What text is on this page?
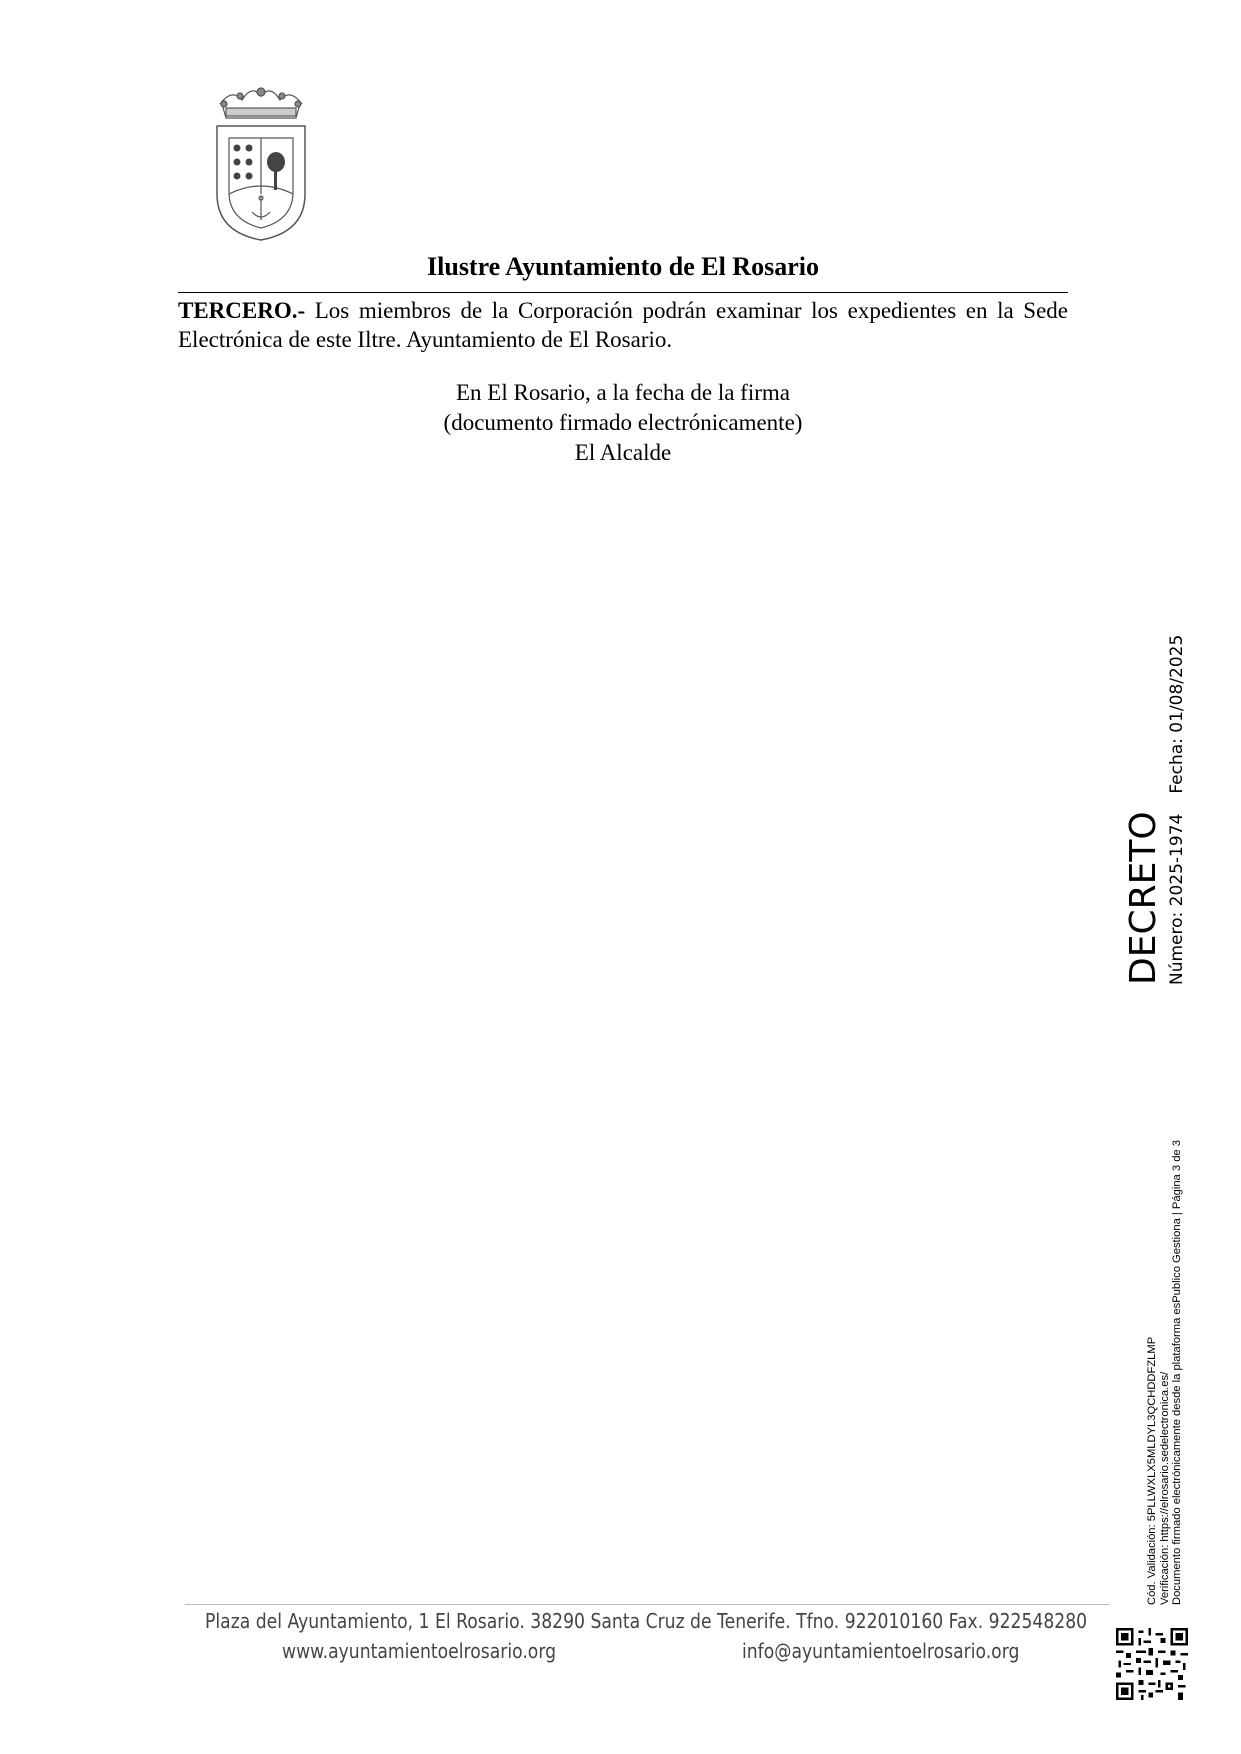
Ilustre Ayuntamiento de El Rosario
TERCERO.- Los miembros de la Corporación podrán examinar los expedientes en la Sede Electrónica de este Iltre. Ayuntamiento de El Rosario.
En El Rosario, a la fecha de la firma
(documento firmado electrónicamente)
El Alcalde
DECRETO Número: 2025-1974Fecha: 01/08/2025
Cód. Validación: 5PLLWXLX5MLDYL3QCHDDFZLMP Verificación: https://elrosario.sedelectronica.es/ Documento firmado electrónicamente desde la plataforma esPublico Gestiona | Página 3 de 3
Plaza del Ayuntamiento, 1 El Rosario. 38290 Santa Cruz de Tenerife. Tfno. 922010160 Fax. 922548280
www.ayuntamientoelrosario.org	info@ayuntamientoelrosario.org
